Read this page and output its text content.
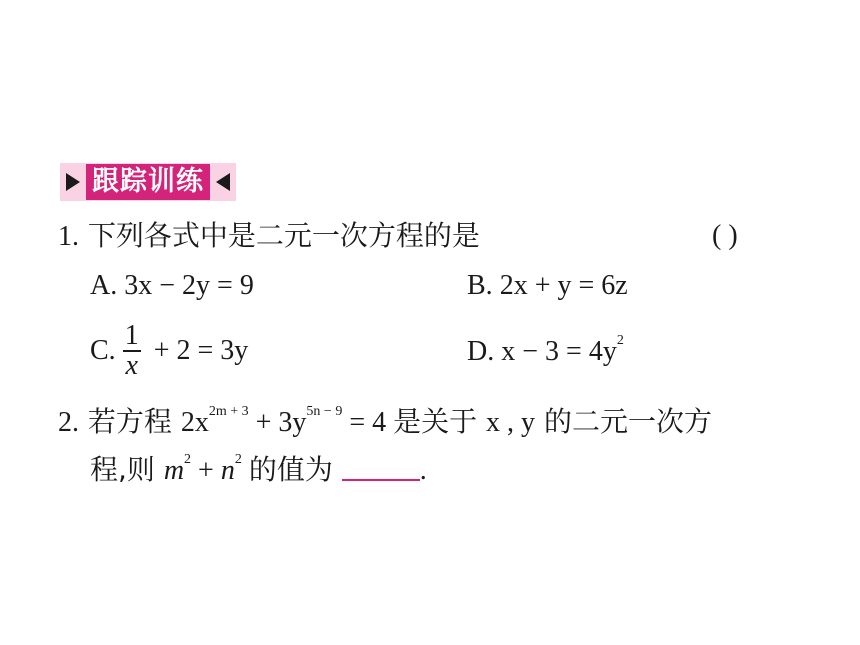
跟踪训练
1. 下列各式中是二元一次方程的是	( )
A. 3x − 2y = 9	B. 2x + y = 6z
C. $\frac{1}{x} + 2 = 3y$	D. $x - 3 = 4y^2$
2. 若方程 $2x^{2m + 3} + 3y^{5n - 9} = 4$ 是关于 x , y 的二元一次方
程,则 $m^2 + n^2$ 的值为	.
